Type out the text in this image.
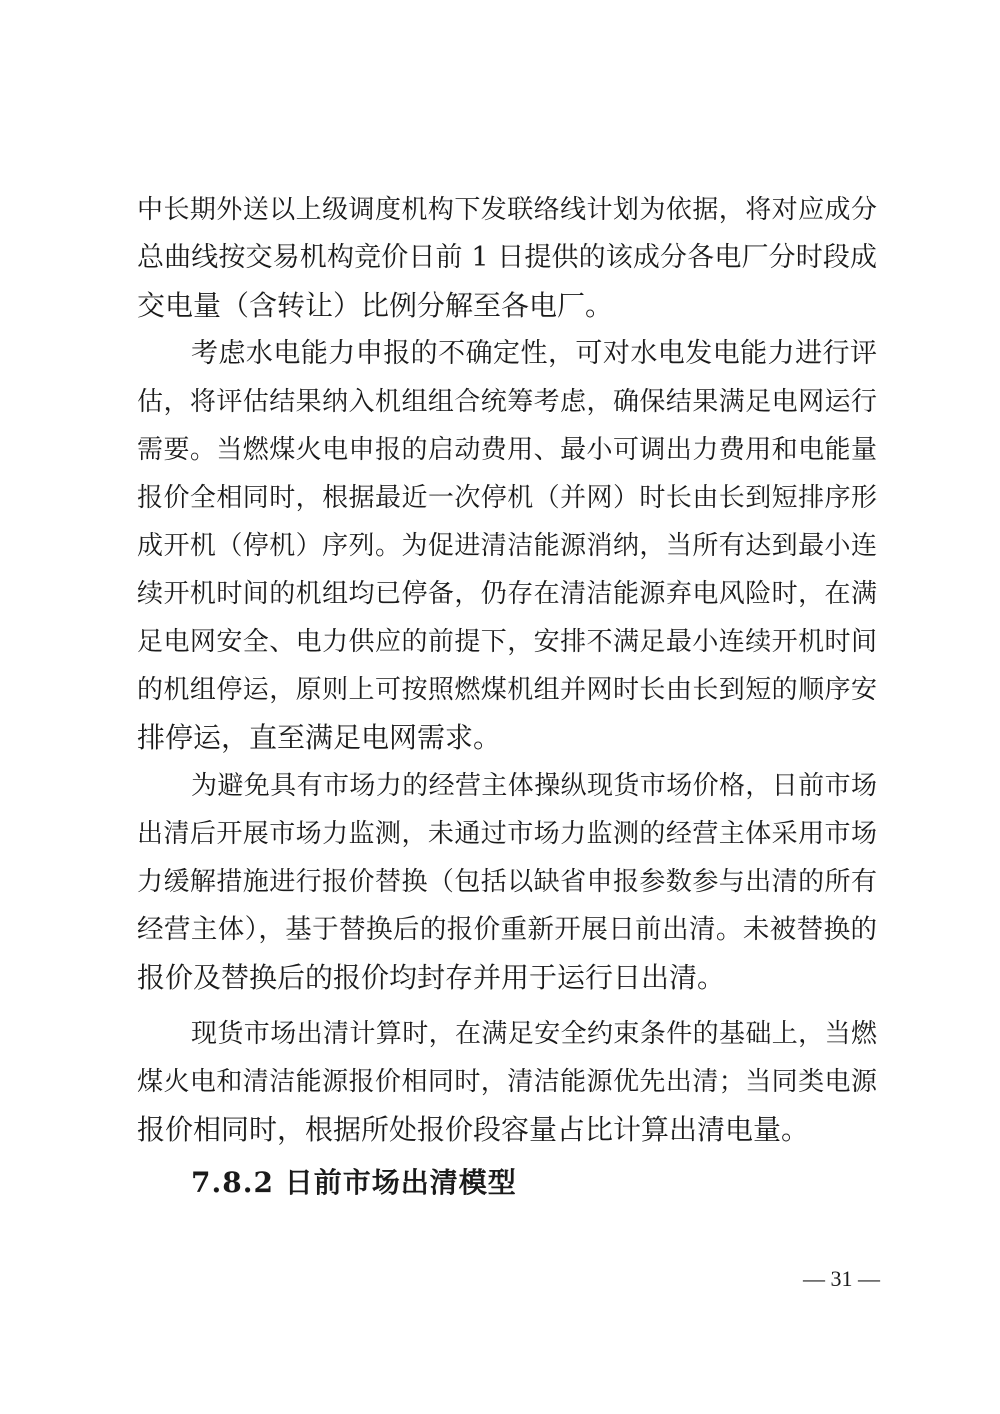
中长期外送以上级调度机构下发联络线计划为依据，将对应成分
总曲线按交易机构竞价日前 1 日提供的该成分各电厂分时段成
交电量（含转让）比例分解至各电厂。
考虑水电能力申报的不确定性，可对水电发电能力进行评
估，将评估结果纳入机组组合统筹考虑，确保结果满足电网运行
需要。当燃煤火电申报的启动费用、最小可调出力费用和电能量
报价全相同时，根据最近一次停机（并网）时长由长到短排序形
成开机（停机）序列。为促进清洁能源消纳，当所有达到最小连
续开机时间的机组均已停备，仍存在清洁能源弃电风险时，在满
足电网安全、电力供应的前提下，安排不满足最小连续开机时间
的机组停运，原则上可按照燃煤机组并网时长由长到短的顺序安
排停运，直至满足电网需求。
为避免具有市场力的经营主体操纵现货市场价格，日前市场
出清后开展市场力监测，未通过市场力监测的经营主体采用市场
力缓解措施进行报价替换（包括以缺省申报参数参与出清的所有
经营主体），基于替换后的报价重新开展日前出清。未被替换的
报价及替换后的报价均封存并用于运行日出清。
现货市场出清计算时，在满足安全约束条件的基础上，当燃
煤火电和清洁能源报价相同时，清洁能源优先出清；当同类电源
报价相同时，根据所处报价段容量占比计算出清电量。
7.8.2 日前市场出清模型
— 31 —
